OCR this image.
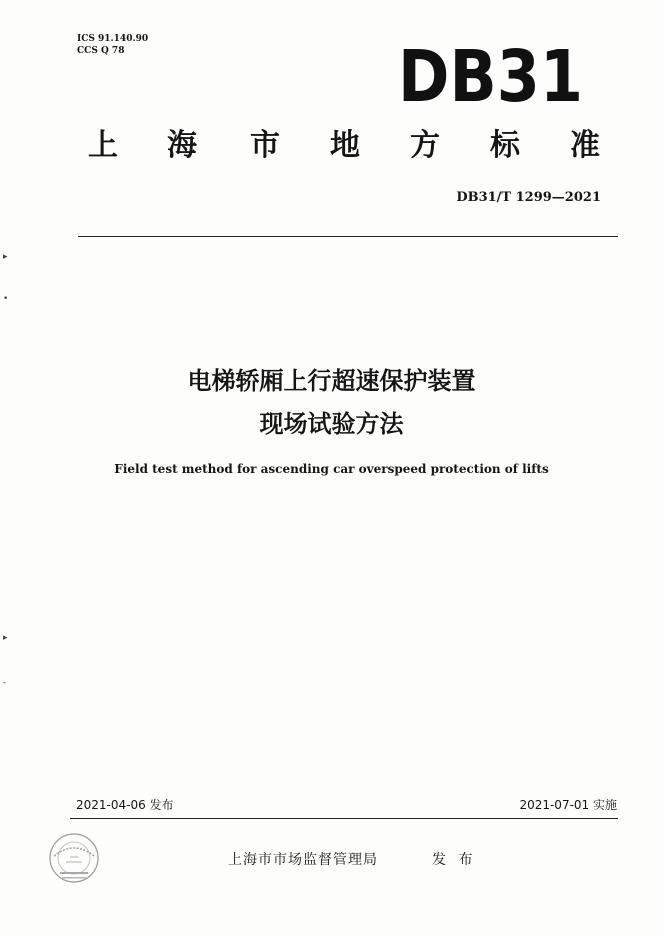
ICS 91.140.90
CCS Q 78	DB31
上 海 市 地 方 标 准
DB31/T 1299—2021
电梯轿厢上行超速保护装置
现场试验方法
Field test method for ascending car overspeed protection of lifts
2021-04-06 发布	2021-07-01 实施
上海市市场监督管理局	发 布
▸
•
▸
-
